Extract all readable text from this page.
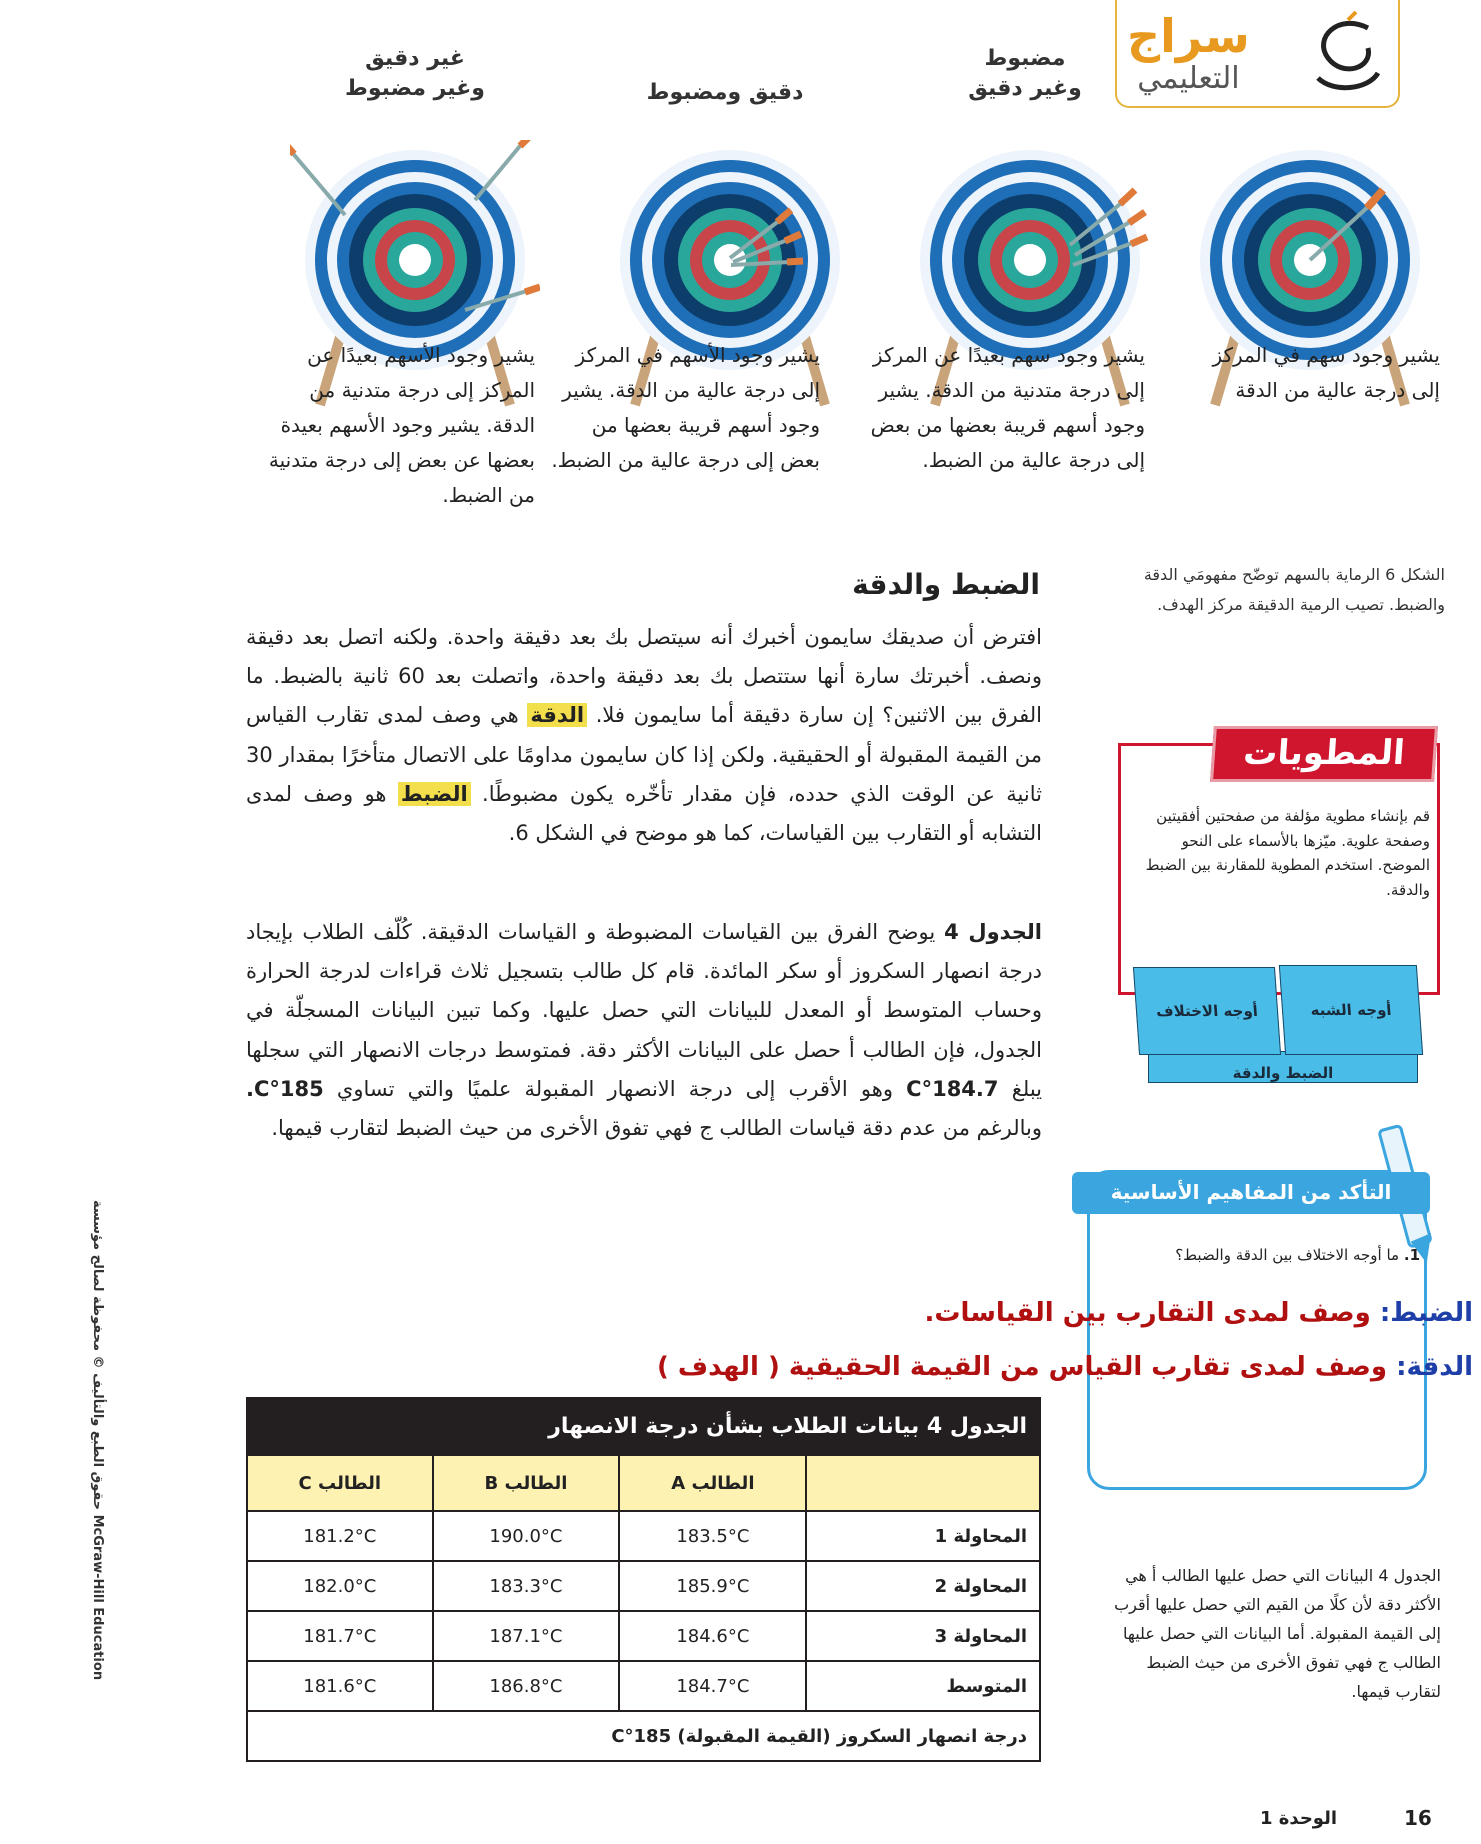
سراج
التعليمي
مضبوط
وغير دقيق
دقيق ومضبوط
غير دقيق
وغير مضبوط
يشير وجود سهم في المركز إلى درجة عالية من الدقة
يشير وجود سهم بعيدًا عن المركز إلى درجة متدنية من الدقة. يشير وجود أسهم قريبة بعضها من بعض إلى درجة عالية من الضبط.
يشير وجود الأسهم في المركز إلى درجة عالية من الدقة. يشير وجود أسهم قريبة بعضها من بعض إلى درجة عالية من الضبط.
يشير وجود الأسهم بعيدًا عن المركز إلى درجة متدنية من الدقة. يشير وجود الأسهم بعيدة بعضها عن بعض إلى درجة متدنية من الضبط.
الشكل 6 الرماية بالسهم توضّح مفهومَي الدقة والضبط. تصيب الرمية الدقيقة مركز الهدف.
الضبط والدقة
افترض أن صديقك سايمون أخبرك أنه سيتصل بك بعد دقيقة واحدة. ولكنه اتصل بعد دقيقة ونصف. أخبرتك سارة أنها ستتصل بك بعد دقيقة واحدة، واتصلت بعد 60 ثانية بالضبط. ما الفرق بين الاثنين؟ إن سارة دقيقة أما سايمون فلا. الدقة هي وصف لمدى تقارب القياس من القيمة المقبولة أو الحقيقية. ولكن إذا كان سايمون مداومًا على الاتصال متأخرًا بمقدار 30 ثانية عن الوقت الذي حدده، فإن مقدار تأخّره يكون مضبوطًا. الضبط هو وصف لمدى التشابه أو التقارب بين القياسات، كما هو موضح في الشكل 6.
الجدول 4 يوضح الفرق بين القياسات المضبوطة و القياسات الدقيقة. كُلّف الطلاب بإيجاد درجة انصهار السكروز أو سكر المائدة. قام كل طالب بتسجيل ثلاث قراءات لدرجة الحرارة وحساب المتوسط أو المعدل للبيانات التي حصل عليها. وكما تبين البيانات المسجلّة في الجدول، فإن الطالب أ حصل على البيانات الأكثر دقة. فمتوسط درجات الانصهار التي سجلها يبلغ 184.7°C وهو الأقرب إلى درجة الانصهار المقبولة علميًا والتي تساوي 185°C. وبالرغم من عدم دقة قياسات الطالب ج فهي تفوق الأخرى من حيث الضبط لتقارب قيمها.
المطويات
قم بإنشاء مطوية مؤلفة من صفحتين أفقيتين وصفحة علوية. ميّزها بالأسماء على النحو الموضح. استخدم المطوية للمقارنة بين الضبط والدقة.
الضبط والدقة
أوجه الشبه
أوجه الاختلاف
التأكد من المفاهيم الأساسية
1. ما أوجه الاختلاف بين الدقة والضبط؟
الضبط: وصف لمدى التقارب بين القياسات.
الدقة: وصف لمدى تقارب القياس من القيمة الحقيقية ( الهدف )
الجدول 4 بيانات الطلاب بشأن درجة الانصهار			
	الطالب A	الطالب B	الطالب C
المحاولة 1	183.5°C	190.0°C	181.2°C
المحاولة 2	185.9°C	183.3°C	182.0°C
المحاولة 3	184.6°C	187.1°C	181.7°C
المتوسط	184.7°C	186.8°C	181.6°C
درجة انصهار السكروز (القيمة المقبولة) 185°C			
الجدول 4 البيانات التي حصل عليها الطالب أ هي الأكثر دقة لأن كلًا من القيم التي حصل عليها أقرب إلى القيمة المقبولة. أما البيانات التي حصل عليها الطالب ج فهي تفوق الأخرى من حيث الضبط لتقارب قيمها.
حقوق الطبع والتأليف © محفوظة لصالح مؤسسة McGraw-Hill Education
الوحدة 1	16
